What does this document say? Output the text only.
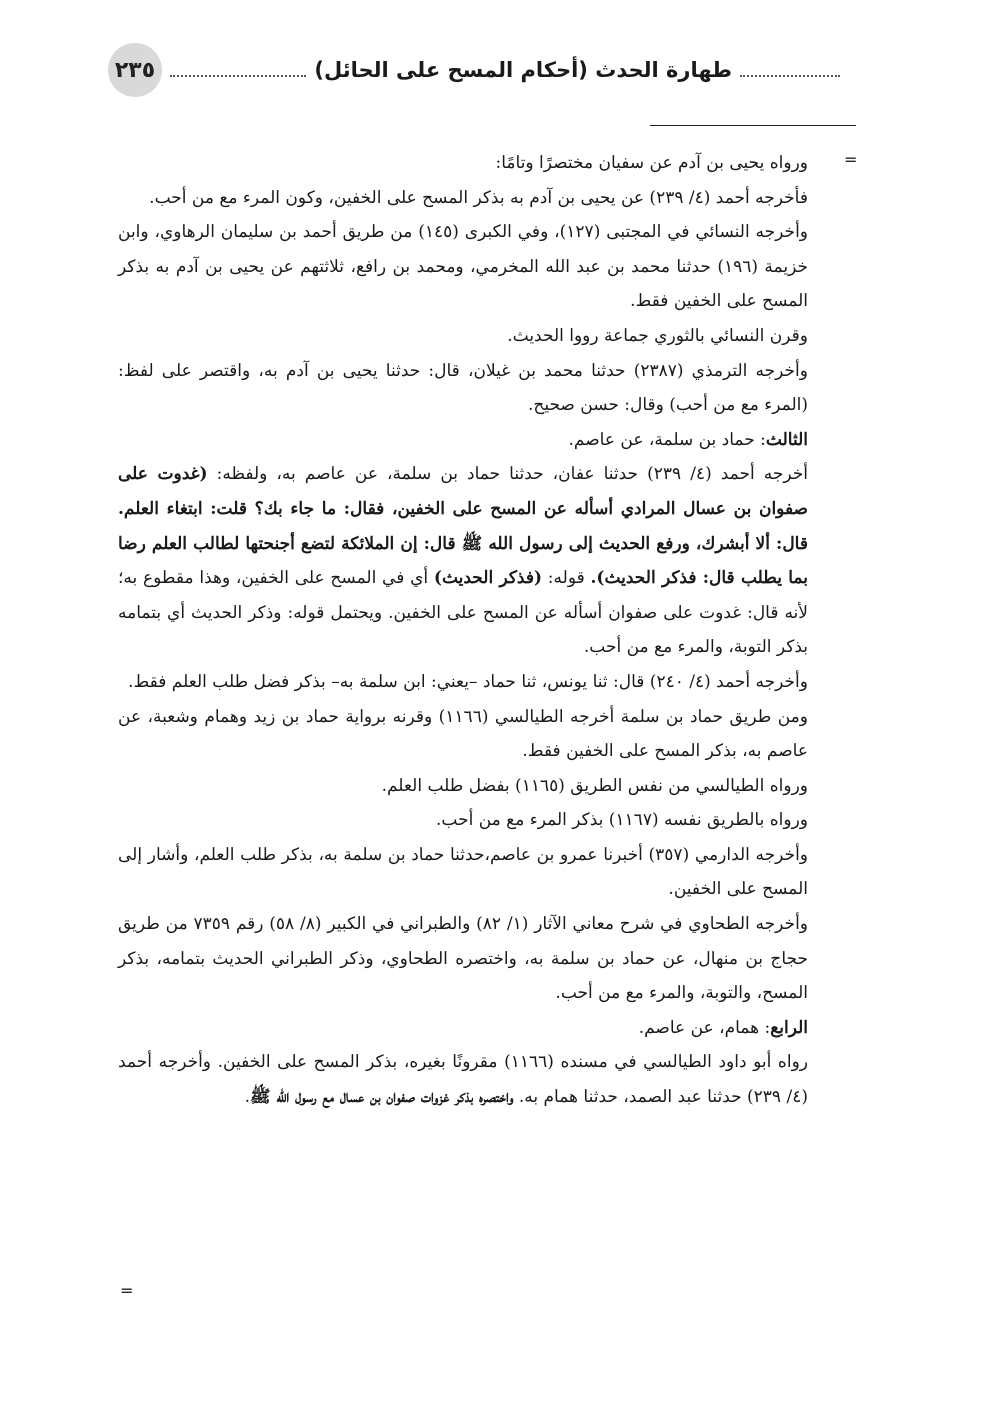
طهارة الحدث (أحكام المسح على الحائل)
٢٣٥
=
=

ورواه يحيى بن آدم عن سفيان مختصرًا وتامًا:

فأخرجه أحمد (٤/ ٢٣٩) عن يحيى بن آدم به بذكر المسح على الخفين، وكون المرء مع من أحب.

وأخرجه النسائي في المجتبى (١٢٧)، وفي الكبرى (١٤٥) من طريق أحمد بن سليمان الرهاوي، وابن خزيمة (١٩٦) حدثنا محمد بن عبد الله المخرمي، ومحمد بن رافع، ثلاثتهم عن يحيى بن آدم به بذكر المسح على الخفين فقط.

وقرن النسائي بالثوري جماعة رووا الحديث.

وأخرجه الترمذي (٢٣٨٧) حدثنا محمد بن غيلان، قال: حدثنا يحيى بن آدم به، واقتصر على لفظ: (المرء مع من أحب) وقال: حسن صحيح.

الثالث: حماد بن سلمة، عن عاصم.

أخرجه أحمد (٤/ ٢٣٩) حدثنا عفان، حدثنا حماد بن سلمة، عن عاصم به، ولفظه: (غدوت على صفوان بن عسال المرادي أسأله عن المسح على الخفين، فقال: ما جاء بك؟ قلت: ابتغاء العلم. قال: ألا أبشرك، ورفع الحديث إلى رسول الله ﷺ قال: إن الملائكة لتضع أجنحتها لطالب العلم رضا بما يطلب قال: فذكر الحديث). قوله: (فذكر الحديث) أي في المسح على الخفين، وهذا مقطوع به؛ لأنه قال: غدوت على صفوان أسأله عن المسح على الخفين. ويحتمل قوله: وذكر الحديث أي بتمامه بذكر التوبة، والمرء مع من أحب.

وأخرجه أحمد (٤/ ٢٤٠) قال: ثنا يونس، ثنا حماد –يعني: ابن سلمة به– بذكر فضل طلب العلم فقط.

ومن طريق حماد بن سلمة أخرجه الطيالسي (١١٦٦) وقرنه برواية حماد بن زيد وهمام وشعبة، عن عاصم به، بذكر المسح على الخفين فقط.

ورواه الطيالسي من نفس الطريق (١١٦٥) بفضل طلب العلم.

ورواه بالطريق نفسه (١١٦٧) بذكر المرء مع من أحب.

وأخرجه الدارمي (٣٥٧) أخبرنا عمرو بن عاصم،حدثنا حماد بن سلمة به، بذكر طلب العلم، وأشار إلى المسح على الخفين.

وأخرجه الطحاوي في شرح معاني الآثار (١/ ٨٢) والطبراني في الكبير (٨/ ٥٨) رقم ٧٣٥٩ من طريق حجاج بن منهال، عن حماد بن سلمة به، واختصره الطحاوي، وذكر الطبراني الحديث بتمامه، بذكر المسح، والتوبة، والمرء مع من أحب.

الرابع: همام، عن عاصم.

رواه أبو داود الطيالسي في مسنده (١١٦٦) مقرونًا بغيره، بذكر المسح على الخفين. وأخرجه أحمد (٤/ ٢٣٩) حدثنا عبد الصمد، حدثنا همام به. واختصره بذكر غزوات صفوان بن عسال مع رسول الله ﷺ.
